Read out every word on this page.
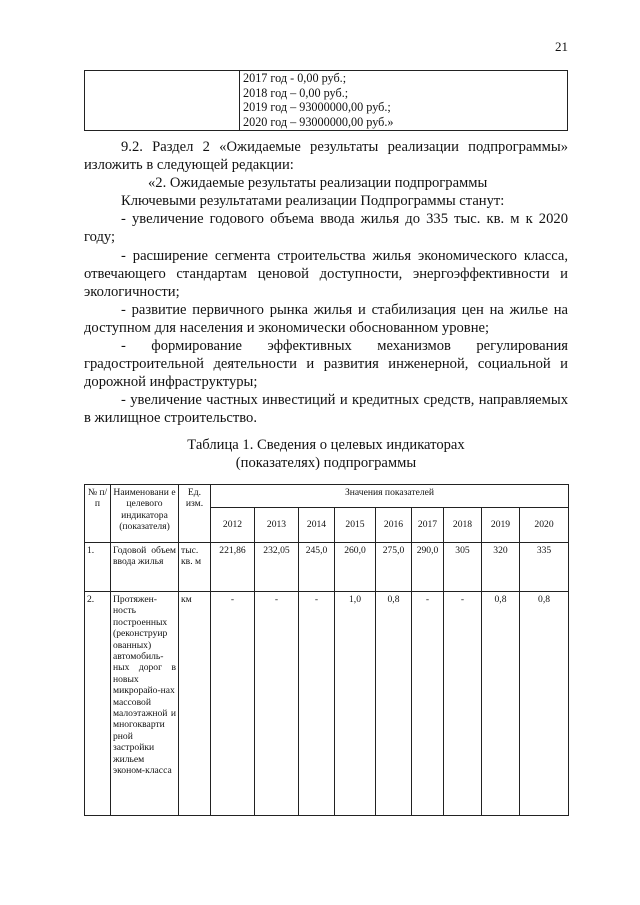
21

2017 год - 0,00 руб.;
2018 год – 0,00 руб.;
2019 год – 93000000,00 руб.;
2020 год – 93000000,00 руб.»

9.2. Раздел 2 «Ожидаемые результаты реализации подпрограммы» изложить в следующей редакции:

«2. Ожидаемые результаты реализации подпрограммы

Ключевыми результатами реализации Подпрограммы станут:

- увеличение годового объема ввода жилья до 335 тыс. кв. м к 2020 году;

- расширение сегмента строительства жилья экономического класса, отвечающего стандартам ценовой доступности, энергоэффективности и экологичности;

- развитие первичного рынка жилья и стабилизация цен на жилье на доступном для населения и экономически обоснованном уровне;

- формирование эффективных механизмов регулирования градостроительной деятельности и развития инженерной, социальной и дорожной инфраструктуры;

- увеличение частных инвестиций и кредитных средств, направляемых в жилищное строительство.

Таблица 1. Сведения о целевых индикаторах
(показателях) подпрограммы
№ п/п	Наименовани е целевого индикатора (показателя)	Ед. изм.	Значения показателей								
			2012	2013	2014	2015	2016	2017	2018	2019	2020
1.	Годовой объем ввода жилья	тыс. кв. м	221,86	232,05	245,0	260,0	275,0	290,0	305	320	335
2.	Протяжен-ность построенных (реконструир ованных) автомобиль-ных дорог в новых микрорайо-нах массовой малоэтажной и многокварти рной застройки жильем эконом-класса	км	-	-	-	1,0	0,8	-	-	0,8	0,8
